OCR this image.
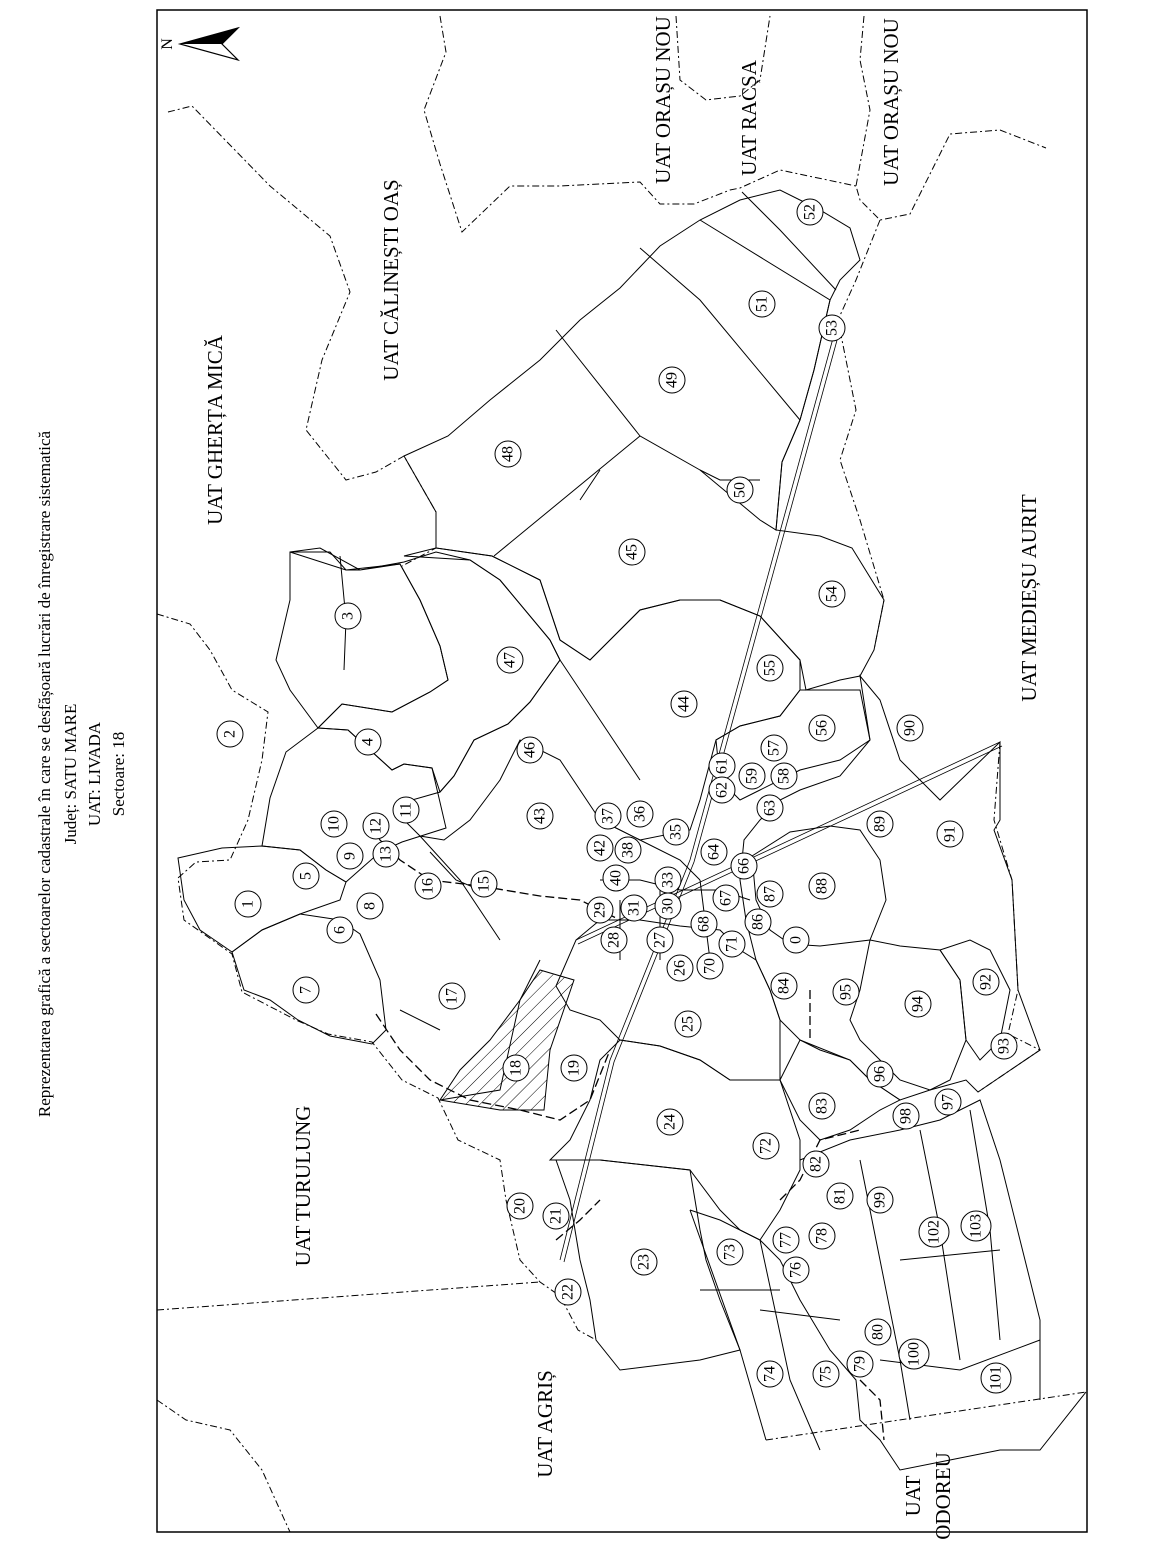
Reprezentarea grafică a sectoarelor cadastrale în care se desfășoară lucrări de înregistrare sistematică Județ: SATU MARE UAT: LIVADA Sectoare: 18
N
UAT GHERȚA MICĂ
UAT CĂLINEȘTI OAȘ
UAT ORAȘU NOU	UAT RACȘA	UAT ORAȘU NOU
UAT TURULUNG
UAT AGRIȘ
UAT MEDIEȘU AURIT
UAT ODOREU
1
2
3
4
5
6
7
8
9
10
11
12
13
15
16
17
18	19
20
21
22
23
24
25
26
27
28
29	30
31
33
35
36
37
38
40
42
43
44
45
46
47
48
49
50
51
52
53
54
55
56
57
58
59
61
62
63
64
66
67
68
70
71
72
73
74 75
76
77 78
79
80
81
82
83
84
86
87 88
89
90
91
92
93
94
95
96
97
98
99
100
101
102 103
0
